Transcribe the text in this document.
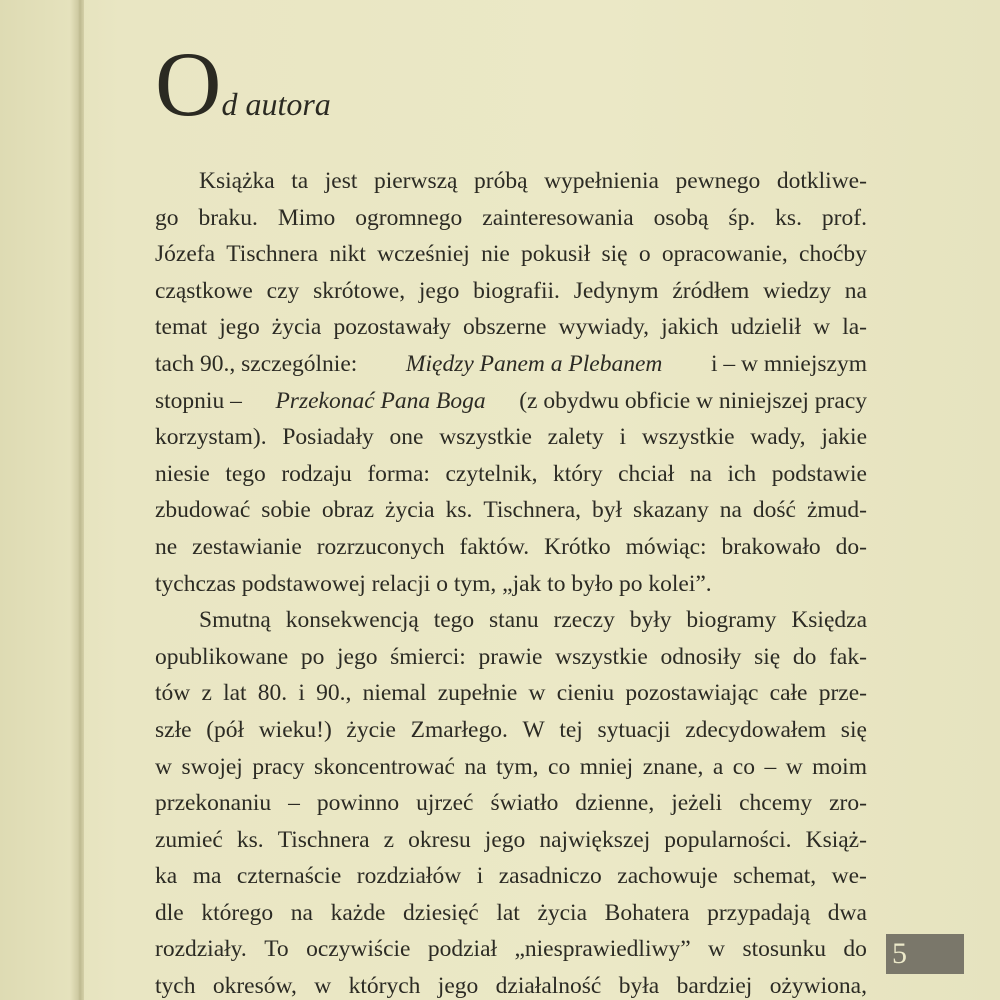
O d autora
Książka ta jest pierwszą próbą wypełnienia pewnego dotkliwe-
go braku. Mimo ogromnego zainteresowania osobą śp. ks. prof.
Józefa Tischnera nikt wcześniej nie pokusił się o opracowanie, choćby
cząstkowe czy skrótowe, jego biografii. Jedynym źródłem wiedzy na
temat jego życia pozostawały obszerne wywiady, jakich udzielił w la-
tach 90., szczególnie: Między Panem a Plebanem i – w mniejszym
stopniu – Przekonać Pana Boga (z obydwu obficie w niniejszej pracy
korzystam). Posiadały one wszystkie zalety i wszystkie wady, jakie
niesie tego rodzaju forma: czytelnik, który chciał na ich podstawie
zbudować sobie obraz życia ks. Tischnera, był skazany na dość żmud-
ne zestawianie rozrzuconych faktów. Krótko mówiąc: brakowało do-
tychczas podstawowej relacji o tym, „jak to było po kolei”.
Smutną konsekwencją tego stanu rzeczy były biogramy Księdza
opublikowane po jego śmierci: prawie wszystkie odnosiły się do fak-
tów z lat 80. i 90., niemal zupełnie w cieniu pozostawiając całe prze-
szłe (pół wieku!) życie Zmarłego. W tej sytuacji zdecydowałem się
w swojej pracy skoncentrować na tym, co mniej znane, a co – w moim
przekonaniu – powinno ujrzeć światło dzienne, jeżeli chcemy zro-
zumieć ks. Tischnera z okresu jego największej popularności. Książ-
ka ma czternaście rozdziałów i zasadniczo zachowuje schemat, we-
dle którego na każde dziesięć lat życia Bohatera przypadają dwa
rozdziały. To oczywiście podział „niesprawiedliwy” w stosunku do
tych okresów, w których jego działalność była bardziej ożywiona,
5
